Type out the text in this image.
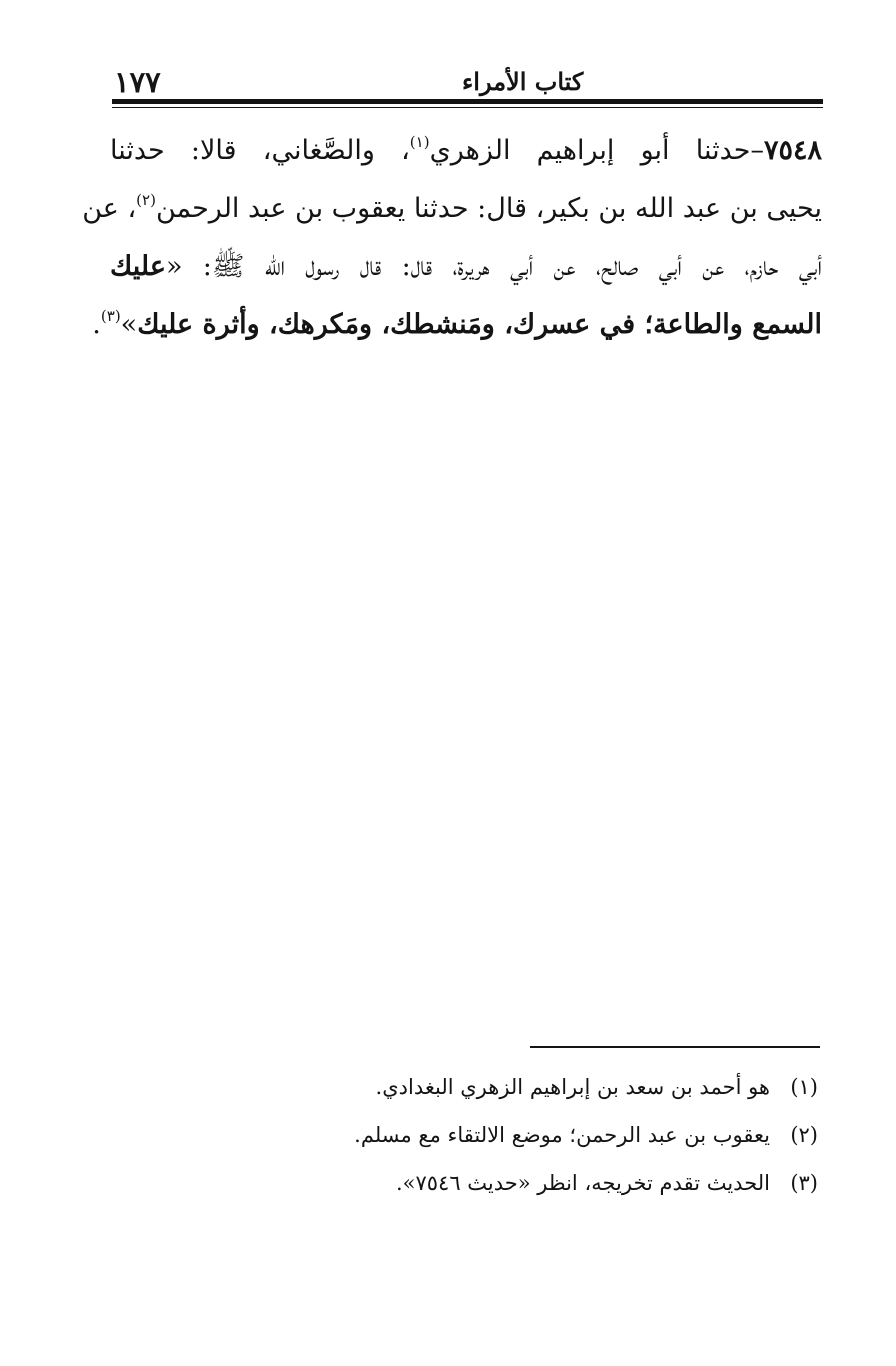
١٧٧	كتاب الأمراء
٧٥٤٨–حدثنا أبو إبراهيم الزهري$^{(١)}$، والصَّغاني، قالا: حدثنا
يحيى بن عبد الله بن بكير، قال: حدثنا يعقوب بن عبد الرحمن$^{(٢)}$، عن
أبي حازم، عن أبي صالح، عن أبي هريرة، قال: قال رسول الله ﷺ: «عليك
السمع والطاعة؛ في عسرك، ومَنشطك، ومَكرهك، وأثرة عليك»$^{(٣)}$.
(١)هو أحمد بن سعد بن إبراهيم الزهري البغدادي.
(٢)يعقوب بن عبد الرحمن؛ موضع الالتقاء مع مسلم.
(٣)الحديث تقدم تخريجه، انظر «حديث ٧٥٤٦».
